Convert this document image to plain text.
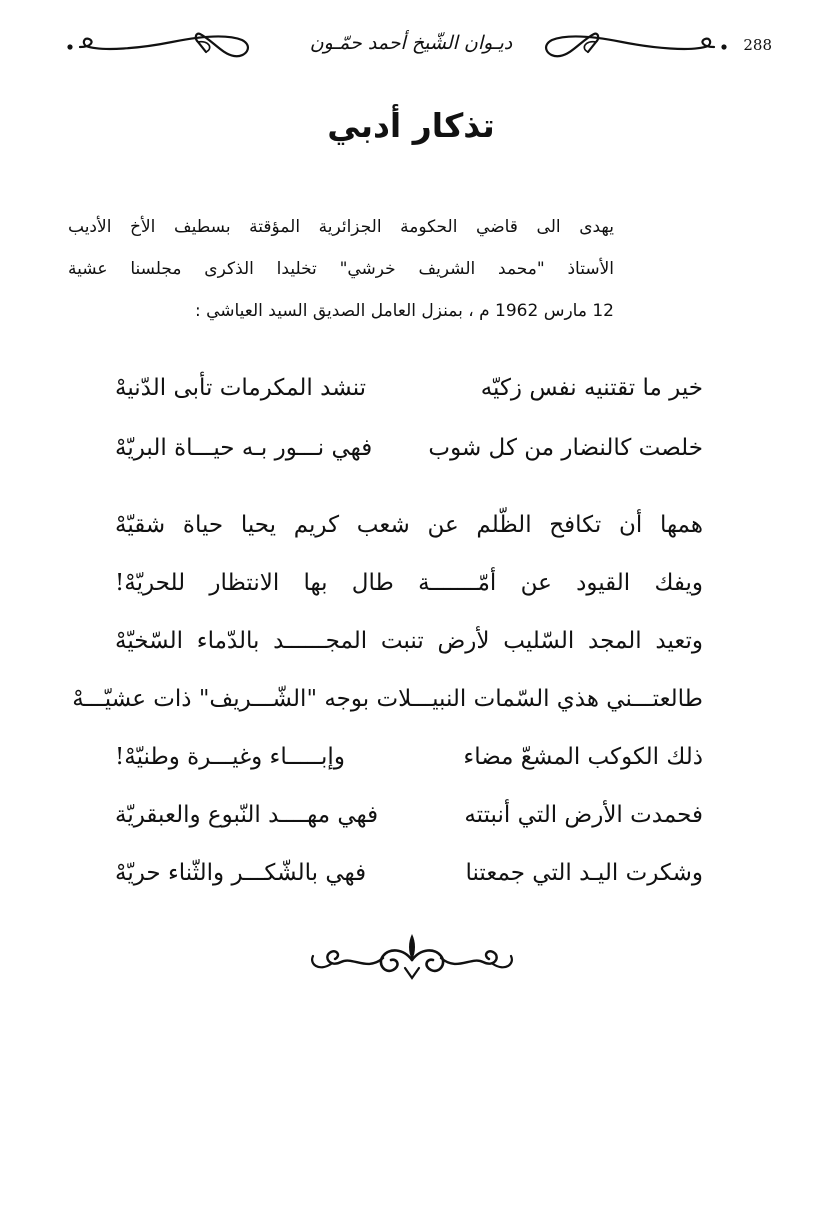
288
ديـوان الشّيخ أحمد حمّـون
تذكار أدبي
يهدى الى قاضي الحكومة الجزائرية المؤقتة بسطيف الأخ الأديب
الأستاذ "محمد الشريف خرشي" تخليدا الذكرى مجلسنا عشية
12 مارس 1962 م ، بمنزل العامل الصديق السيد العياشي :
خير ما تقتنيه نفس زكيّه
تنشد المكرمات تأبى الدّنيهْ
خلصت كالنضار من كل شوب
فهي نـــور بـه حيـــاة البريّهْ
همها أن تكافح الظّلم عن شعب كريم يحيا حياة شقيّهْ
ويفك القيود عن أمّـــــــة طال بها الانتظار للحريّهْ!
وتعيد المجد السّليب لأرض تنبت المجــــــد بالدّماء السّخيّهْ
طالعتـــني هذي السّمات النبيـــلات بوجه "الشّـــريف" ذات عشيّـــهْ
ذلك الكوكب المشعّ مضاء
وإبـــــاء وغيـــرة وطنيّهْ!
فحمدت الأرض التي أنبتته
فهي مهــــد النّبوع والعبقريّة
وشكرت اليـد التي جمعتنا
فهي بالشّكـــر والثّناء حريّهْ
